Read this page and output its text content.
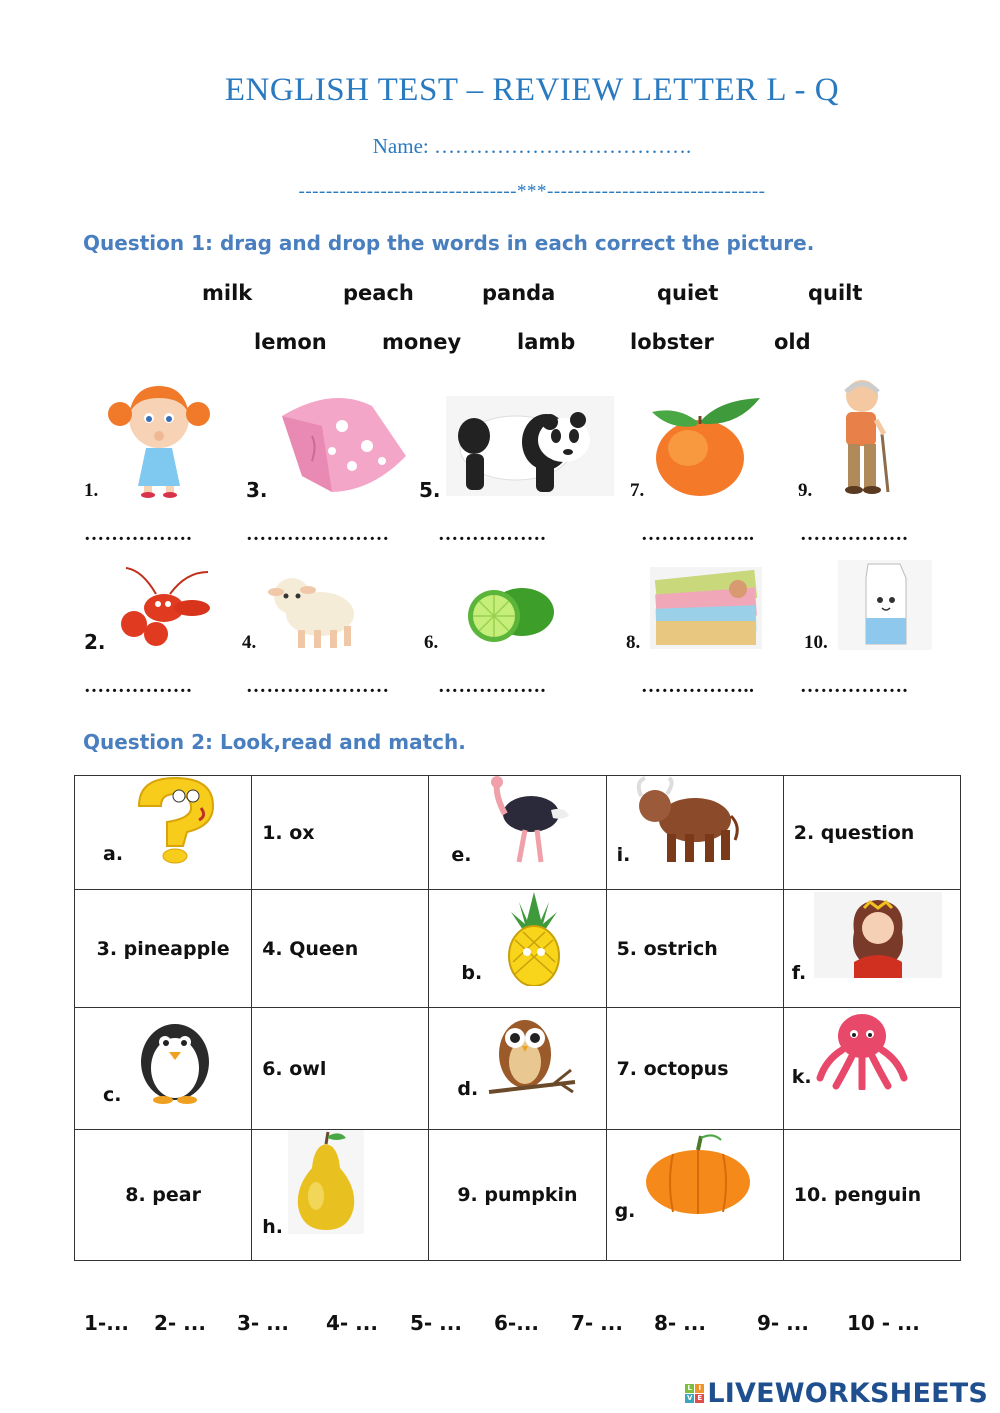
ENGLISH TEST – REVIEW LETTER L - Q
Name: ……………………………….
--------------------------------***--------------------------------
Question 1: drag and drop the words in each correct the picture.
milk	peach	panda	quiet	quilt
lemon	money	lamb	lobster	old
1.	3.	5.	7.	9.
…………….	………………… …………….	…………….. …………….
2.	4.	6.	8.	10.
…………….	………………… …………….	…………….. …………….
Question 2: Look,read and match.
a.	1. ox	e.	i.	2. question

3. pineapple	4. Queen	b.	5. ostrich	f.

c.	6. owl	d.	7. octopus	k.

8. pear	h.	9. pumpkin	g.	10. penguin
1-... 2- ... 3- ... 4- ... 5- ... 6-... 7- ... 8- ...	9- ... 10 - ...
L I
V E LIVEWORKSHEETS
